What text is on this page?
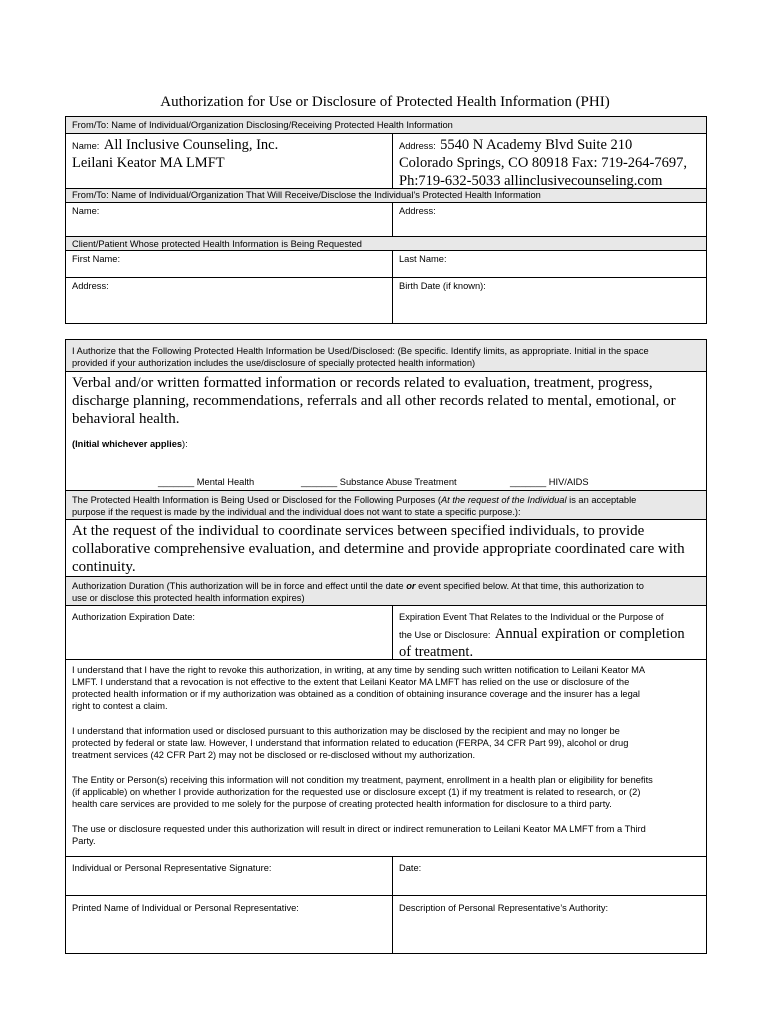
Authorization for Use or Disclosure of Protected Health Information (PHI)
From/To: Name of Individual/Organization Disclosing/Receiving Protected Health Information
Name: All Inclusive Counseling, Inc.
Leilani Keator MA LMFT
Address: 5540 N Academy Blvd Suite 210
Colorado Springs, CO 80918 Fax: 719-264-7697,
Ph:719-632-5033 allinclusivecounseling.com
From/To: Name of Individual/Organization That Will Receive/Disclose the Individual’s Protected Health Information
Name:	Address:
Client/Patient Whose protected Health Information is Being Requested
First Name:	Last Name:
Address:	Birth Date (if known):
I Authorize that the Following Protected Health Information be Used/Disclosed: (Be specific. Identify limits, as appropriate. Initial in the space
provided if your authorization includes the use/disclosure of specially protected health information)
Verbal and/or written formatted information or records related to evaluation, treatment, progress,
discharge planning, recommendations, referrals and all other records related to mental, emotional, or
behavioral health.
(Initial whichever applies):
_______ Mental Health	_______ Substance Abuse Treatment	_______ HIV/AIDS
The Protected Health Information is Being Used or Disclosed for the Following Purposes (At the request of the Individual is an acceptable
purpose if the request is made by the individual and the individual does not want to state a specific purpose.):
At the request of the individual to coordinate services between specified individuals, to provide
collaborative comprehensive evaluation, and determine and provide appropriate coordinated care with
continuity.
Authorization Duration (This authorization will be in force and effect until the date or event specified below. At that time, this authorization to
use or disclose this protected health information expires)
Authorization Expiration Date:	Expiration Event That Relates to the Individual or the Purpose of
the Use or Disclosure: Annual expiration or completion
of treatment.

I understand that I have the right to revoke this authorization, in writing, at any time by sending such written notification to Leilani Keator MA
LMFT. I understand that a revocation is not effective to the extent that Leilani Keator MA LMFT has relied on the use or disclosure of the
protected health information or if my authorization was obtained as a condition of obtaining insurance coverage and the insurer has a legal
right to contest a claim.

I understand that information used or disclosed pursuant to this authorization may be disclosed by the recipient and may no longer be
protected by federal or state law. However, I understand that information related to education (FERPA, 34 CFR Part 99), alcohol or drug
treatment services (42 CFR Part 2) may not be disclosed or re-disclosed without my authorization.

The Entity or Person(s) receiving this information will not condition my treatment, payment, enrollment in a health plan or eligibility for benefits
(if applicable) on whether I provide authorization for the requested use or disclosure except (1) if my treatment is related to research, or (2)
health care services are provided to me solely for the purpose of creating protected health information for disclosure to a third party.

The use or disclosure requested under this authorization will result in direct or indirect remuneration to Leilani Keator MA LMFT from a Third
Party.

Individual or Personal Representative Signature:	Date:
Printed Name of Individual or Personal Representative:	Description of Personal Representative’s Authority:
